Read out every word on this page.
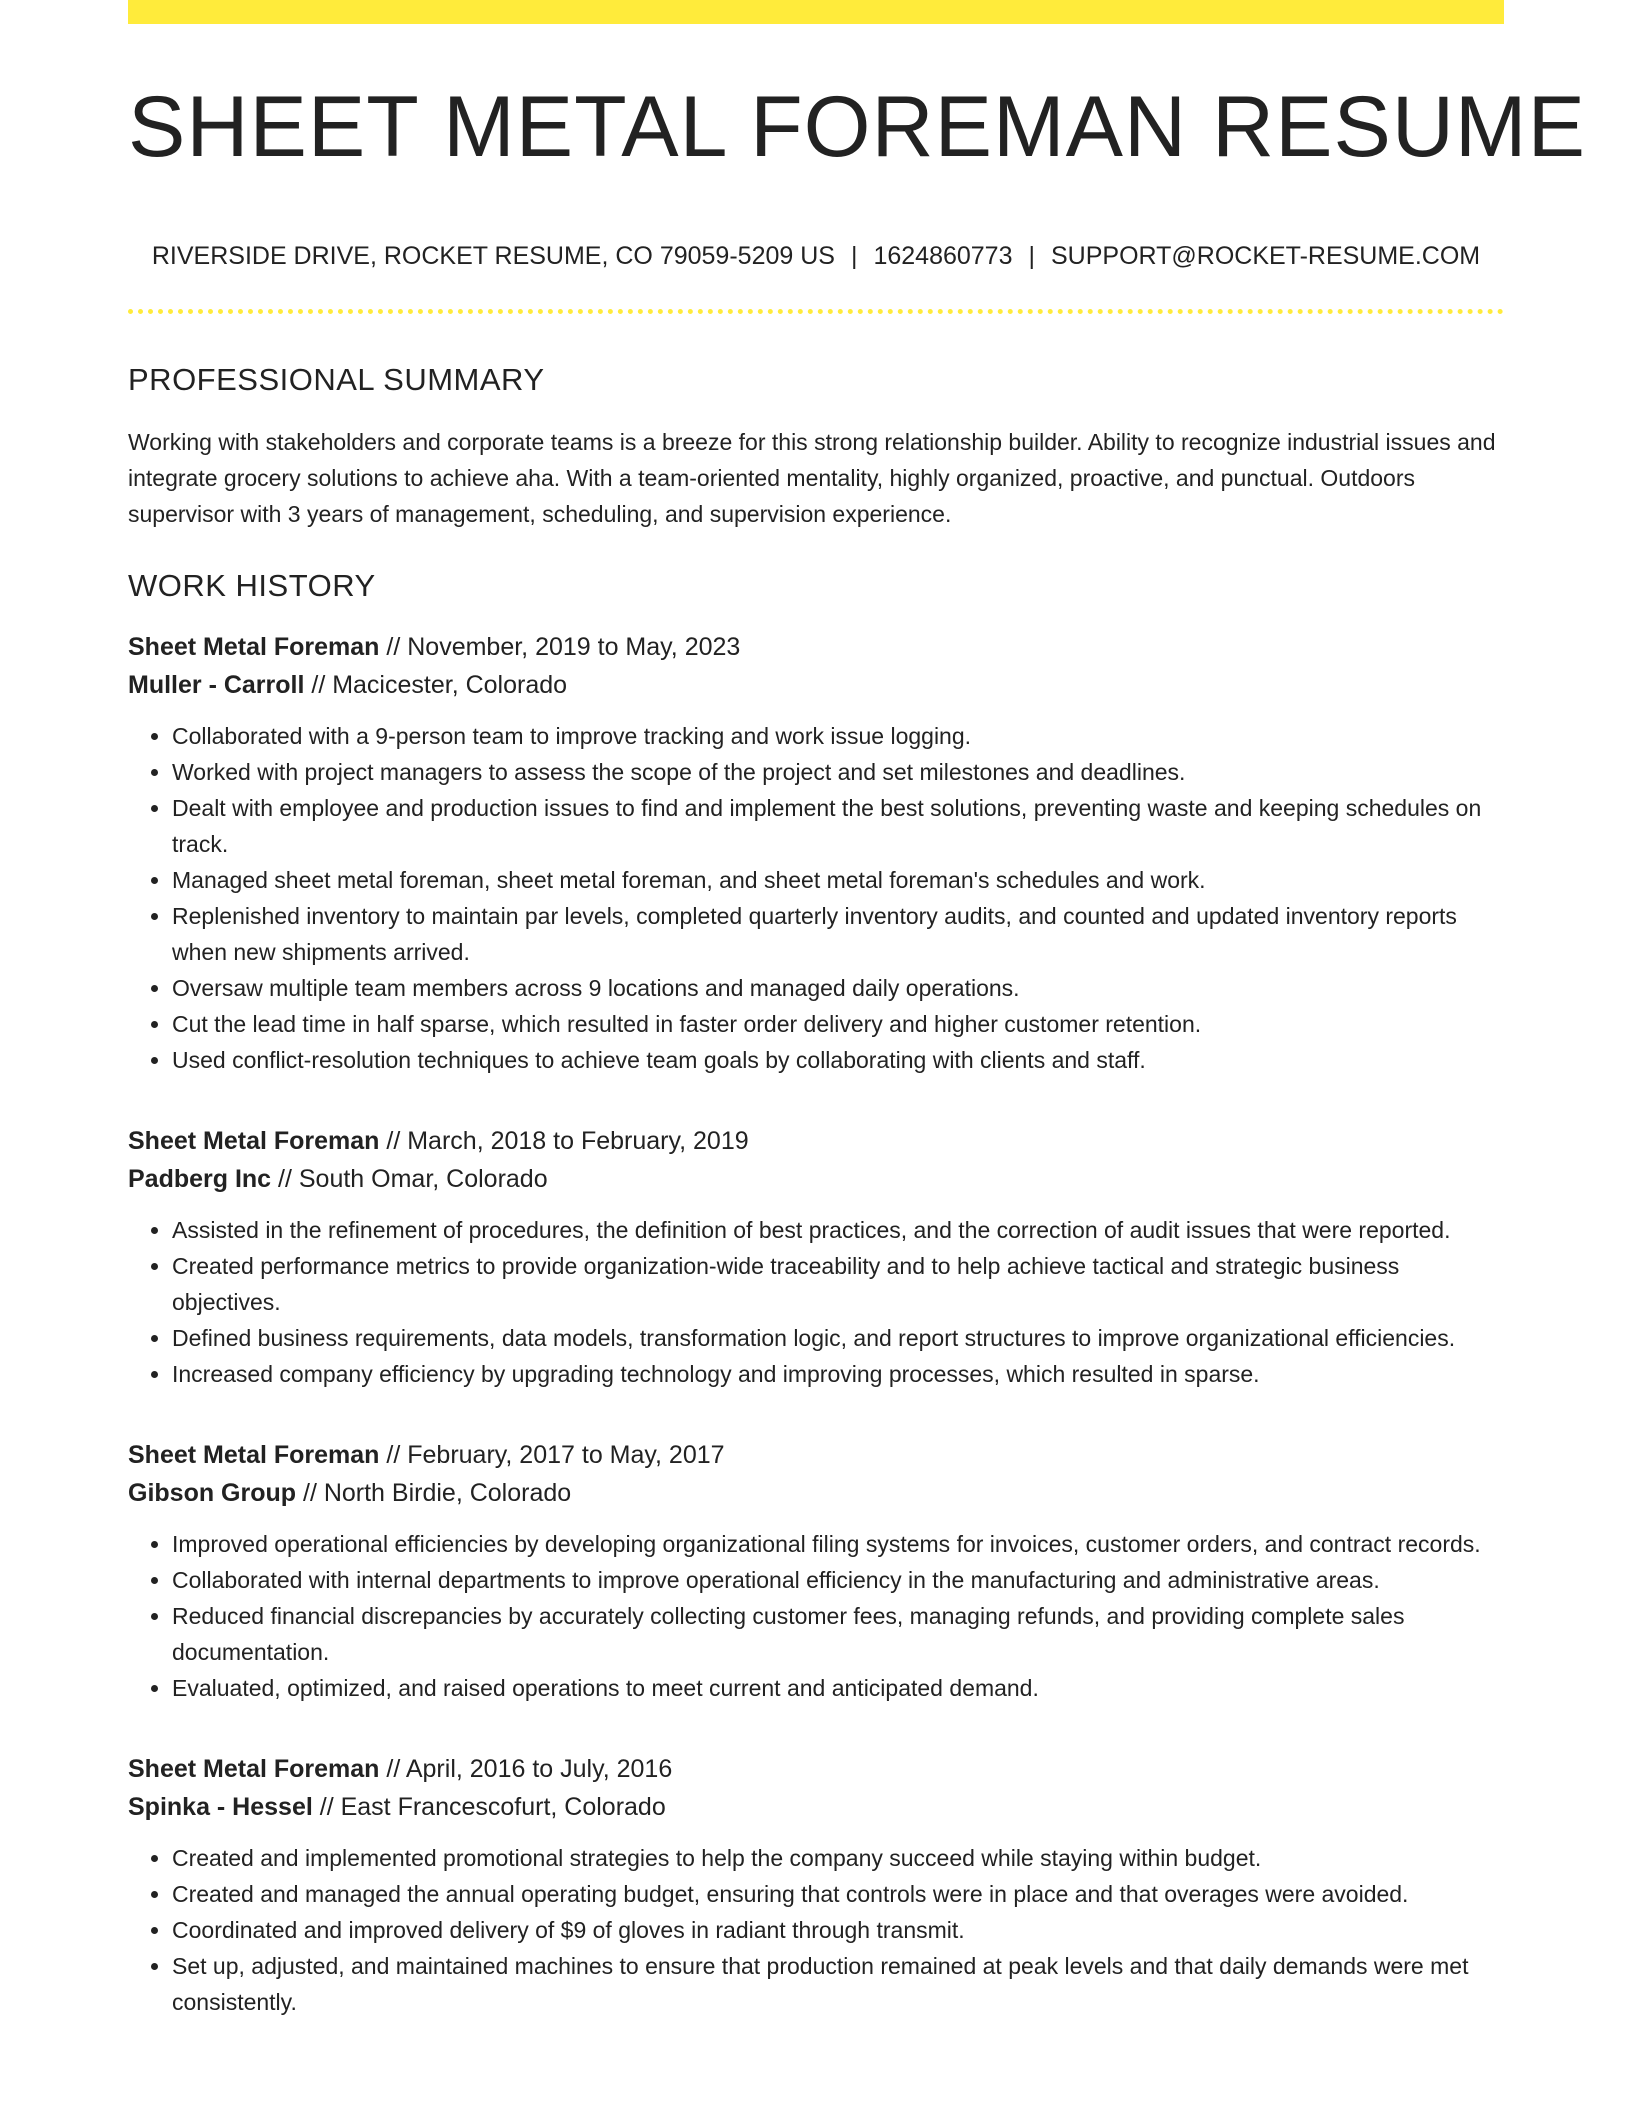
SHEET METAL FOREMAN RESUME
RIVERSIDE DRIVE, ROCKET RESUME, CO 79059-5209 US | 1624860773 | SUPPORT@ROCKET-RESUME.COM
PROFESSIONAL SUMMARY

Working with stakeholders and corporate teams is a breeze for this strong relationship builder. Ability to recognize industrial issues and integrate grocery solutions to achieve aha. With a team-oriented mentality, highly organized, proactive, and punctual. Outdoors supervisor with 3 years of management, scheduling, and supervision experience.

WORK HISTORY
Sheet Metal Foreman // November, 2019 to May, 2023
Muller - Carroll // Macicester, Colorado
• Collaborated with a 9-person team to improve tracking and work issue logging.
• Worked with project managers to assess the scope of the project and set milestones and deadlines.
• Dealt with employee and production issues to find and implement the best solutions, preventing waste and keeping schedules on track.
• Managed sheet metal foreman, sheet metal foreman, and sheet metal foreman's schedules and work.
• Replenished inventory to maintain par levels, completed quarterly inventory audits, and counted and updated inventory reports when new shipments arrived.
• Oversaw multiple team members across 9 locations and managed daily operations.
• Cut the lead time in half sparse, which resulted in faster order delivery and higher customer retention.
• Used conflict-resolution techniques to achieve team goals by collaborating with clients and staff.
Sheet Metal Foreman // March, 2018 to February, 2019
Padberg Inc // South Omar, Colorado
• Assisted in the refinement of procedures, the definition of best practices, and the correction of audit issues that were reported.
• Created performance metrics to provide organization-wide traceability and to help achieve tactical and strategic business objectives.
• Defined business requirements, data models, transformation logic, and report structures to improve organizational efficiencies.
• Increased company efficiency by upgrading technology and improving processes, which resulted in sparse.
Sheet Metal Foreman // February, 2017 to May, 2017
Gibson Group // North Birdie, Colorado
• Improved operational efficiencies by developing organizational filing systems for invoices, customer orders, and contract records.
• Collaborated with internal departments to improve operational efficiency in the manufacturing and administrative areas.
• Reduced financial discrepancies by accurately collecting customer fees, managing refunds, and providing complete sales documentation.
• Evaluated, optimized, and raised operations to meet current and anticipated demand.
Sheet Metal Foreman // April, 2016 to July, 2016
Spinka - Hessel // East Francescofurt, Colorado
• Created and implemented promotional strategies to help the company succeed while staying within budget.
• Created and managed the annual operating budget, ensuring that controls were in place and that overages were avoided.
• Coordinated and improved delivery of $9 of gloves in radiant through transmit.
• Set up, adjusted, and maintained machines to ensure that production remained at peak levels and that daily demands were met consistently.
